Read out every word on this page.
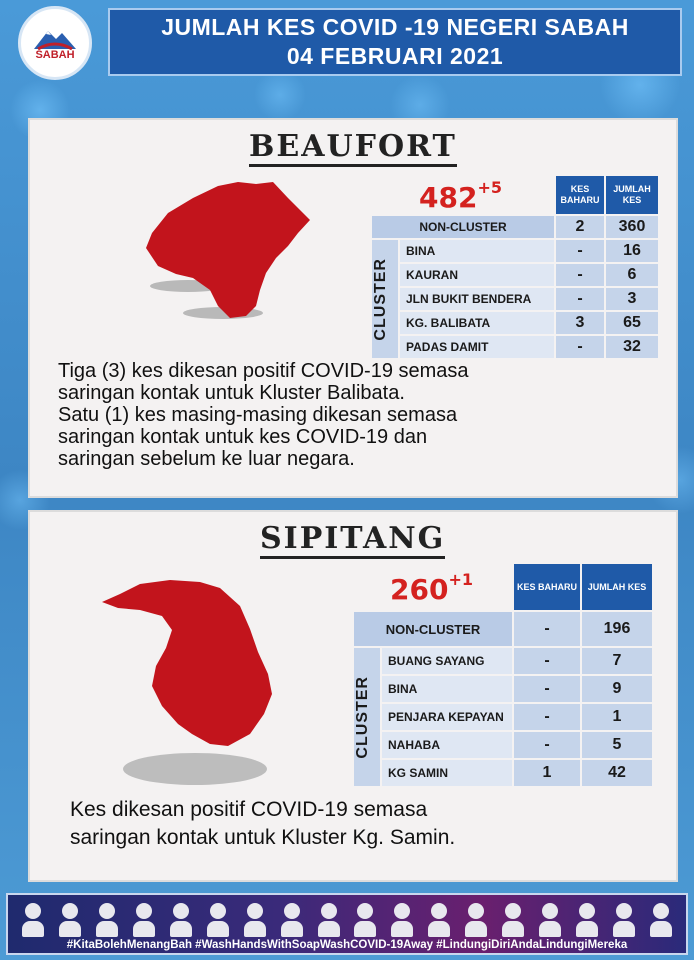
SABAH
JUMLAH KES COVID -19 NEGERI SABAH
04 FEBRUARI 2021
BEAUFORT
$482^{+5}$
		KES BAHARU	JUMLAH KES
NON-CLUSTER		2	360

CLUSTER	BINA	-	16
	KAURAN	-	6
	JLN BUKIT BENDERA	-	3
	KG. BALIBATA	3	65
	PADAS DAMIT	-	32
Tiga (3) kes dikesan positif COVID-19 semasa
saringan kontak untuk Kluster Balibata.
Satu (1) kes masing-masing dikesan semasa
saringan kontak untuk kes COVID-19 dan
saringan sebelum ke luar negara.
SIPITANG
$260^{+1}$
		KES BAHARU	JUMLAH KES
NON-CLUSTER		-	196

CLUSTER	BUANG SAYANG	-	7
	BINA	-	9
	PENJARA KEPAYAN	-	1
	NAHABA	-	5
	KG SAMIN	1	42
Kes dikesan positif COVID-19 semasa
saringan kontak untuk Kluster Kg. Samin.
#KitaBolehMenangBah #WashHandsWithSoapWashCOVID-19Away #LindungiDiriAndaLindungiMereka
